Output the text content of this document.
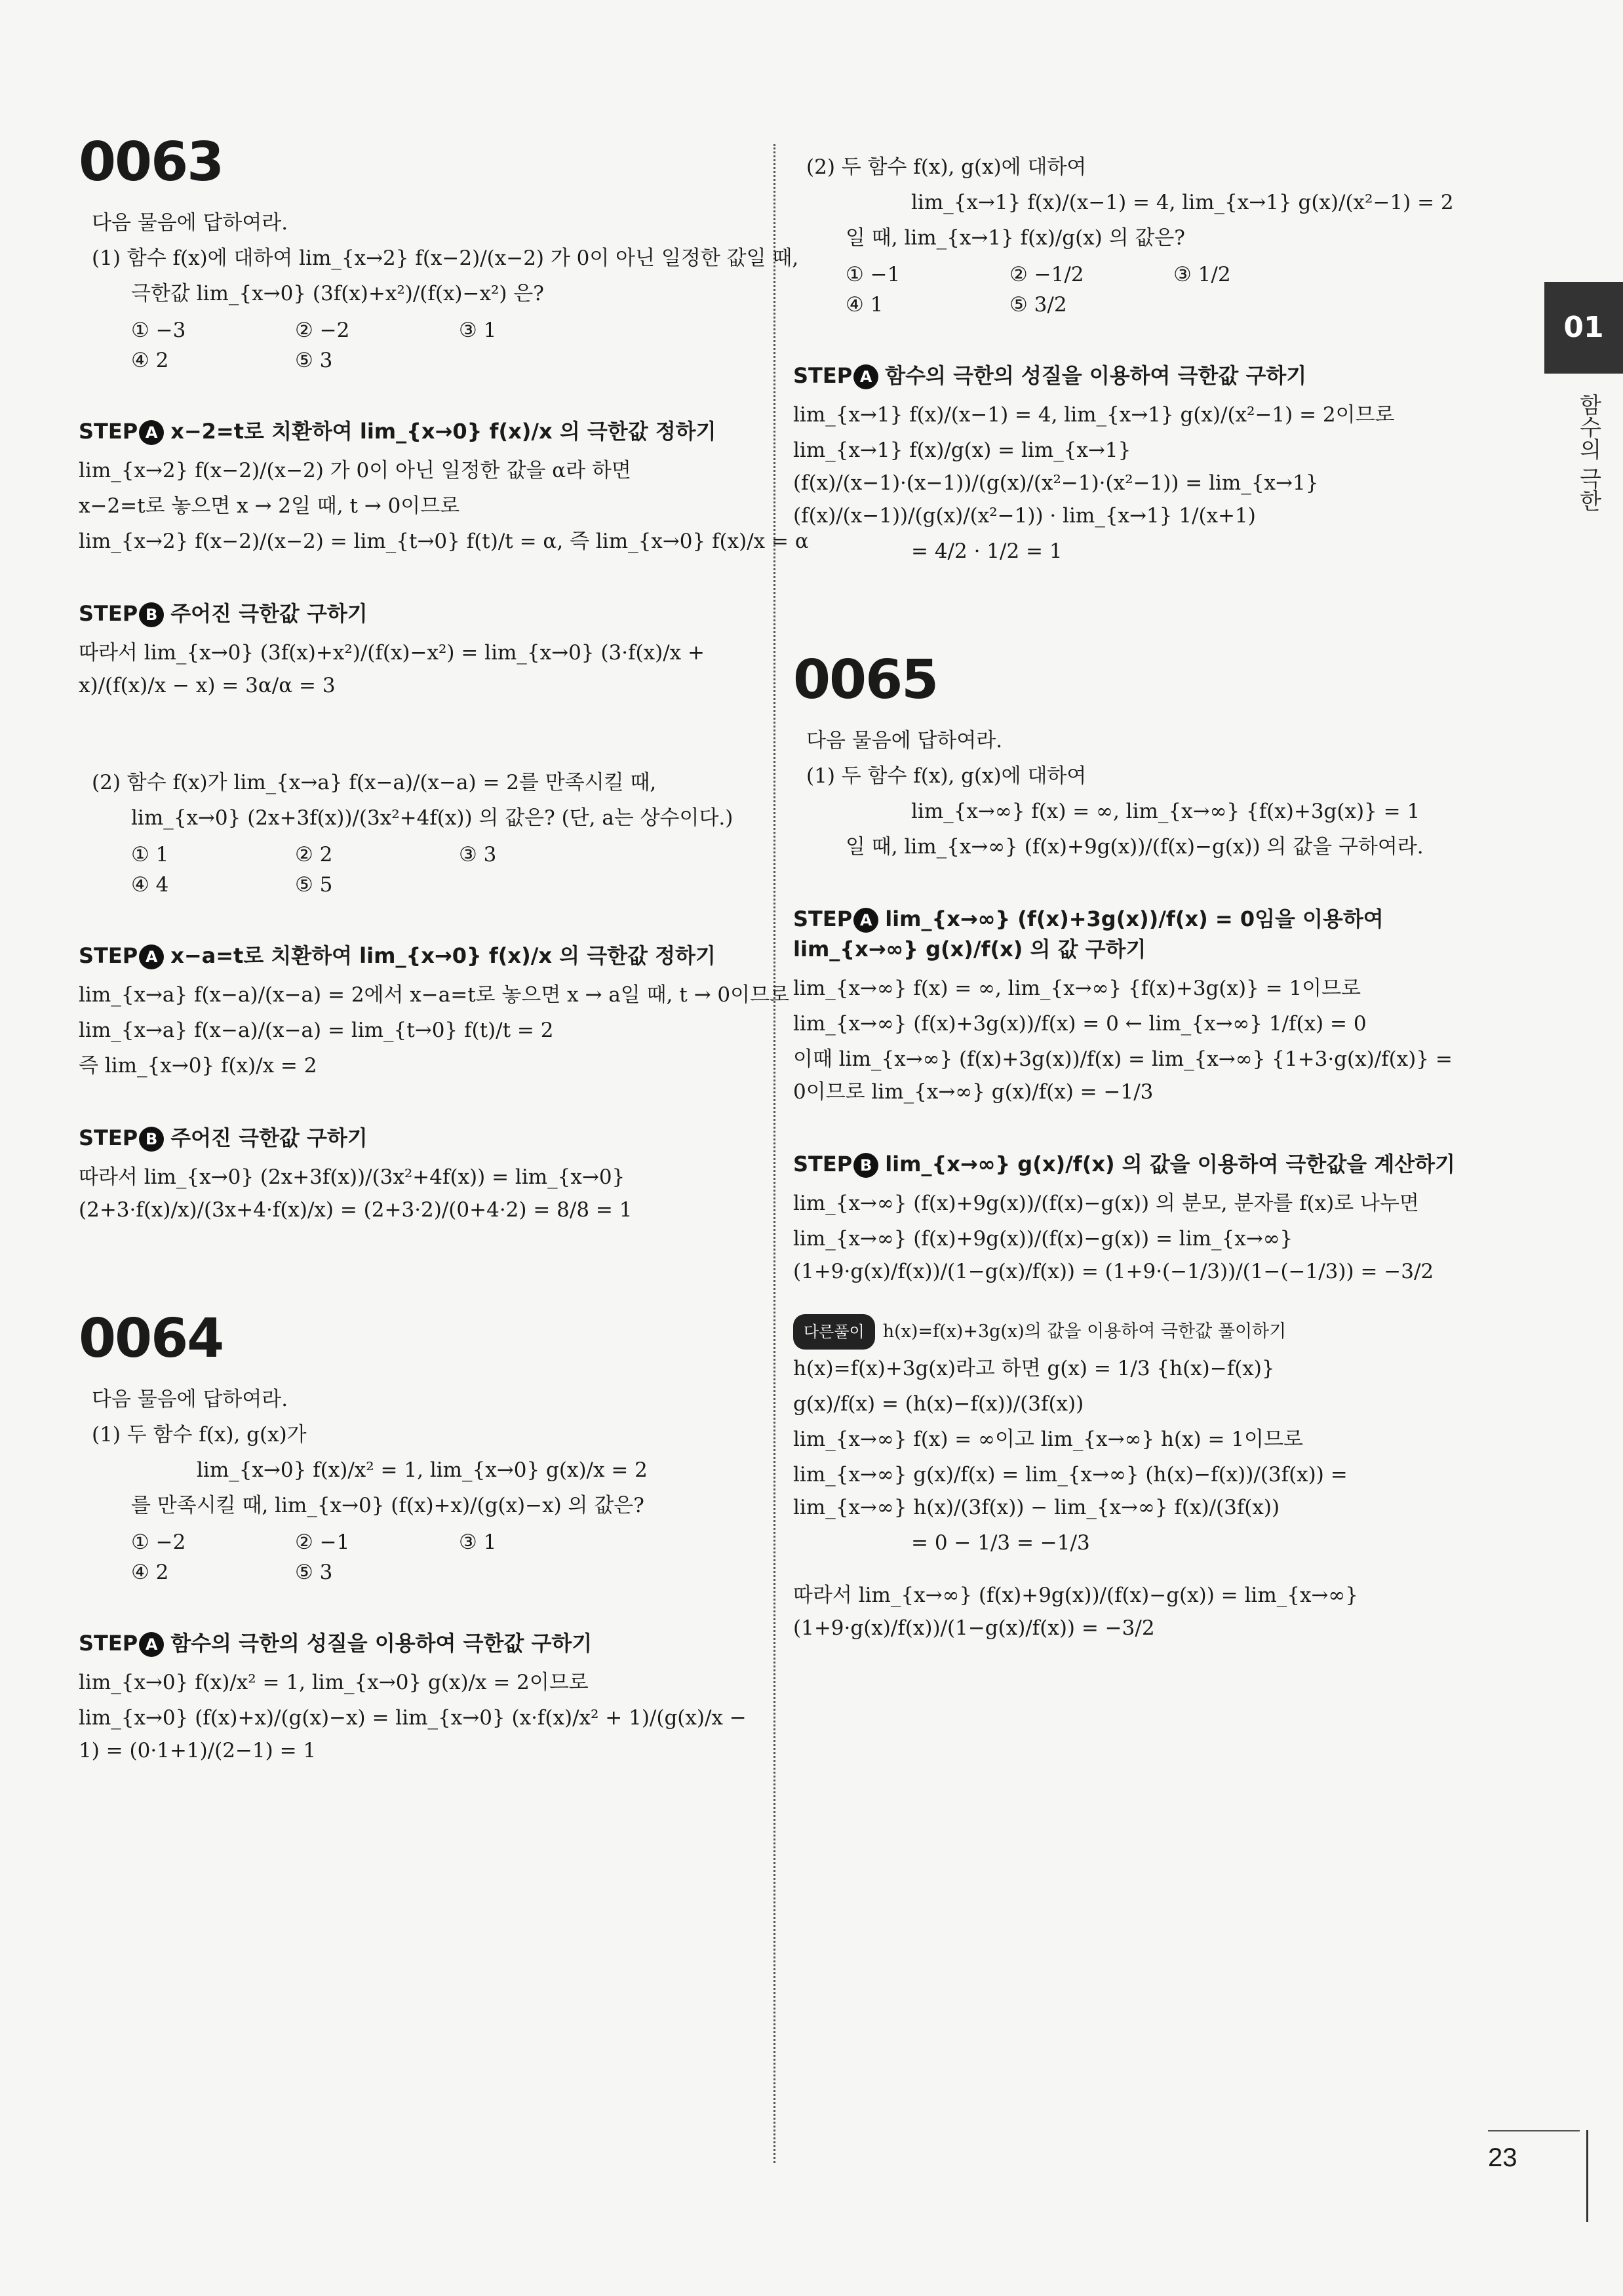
01
함수의 극한
0063
다음 물음에 답하여라.
(1) 함수 f(x)에 대하여 lim_{x→2} f(x−2)/(x−2) 가 0이 아닌 일정한 값일 때,
극한값 lim_{x→0} (3f(x)+x²)/(f(x)−x²) 은?
① −3	② −2	③ 1
④ 2	⑤ 3
STEP A x−2=t로 치환하여 lim_{x→0} f(x)/x 의 극한값 정하기
lim_{x→2} f(x−2)/(x−2) 가 0이 아닌 일정한 값을 α라 하면
x−2=t로 놓으면 x → 2일 때, t → 0이므로
lim_{x→2} f(x−2)/(x−2) = lim_{t→0} f(t)/t = α, 즉 lim_{x→0} f(x)/x = α
STEP B 주어진 극한값 구하기
따라서 lim_{x→0} (3f(x)+x²)/(f(x)−x²) = lim_{x→0} (3·f(x)/x + x)/(f(x)/x − x) = 3α/α = 3
(2) 함수 f(x)가 lim_{x→a} f(x−a)/(x−a) = 2를 만족시킬 때,
lim_{x→0} (2x+3f(x))/(3x²+4f(x)) 의 값은? (단, a는 상수이다.)
① 1	② 2	③ 3
④ 4	⑤ 5
STEP A x−a=t로 치환하여 lim_{x→0} f(x)/x 의 극한값 정하기
lim_{x→a} f(x−a)/(x−a) = 2에서 x−a=t로 놓으면 x → a일 때, t → 0이므로
lim_{x→a} f(x−a)/(x−a) = lim_{t→0} f(t)/t = 2
즉 lim_{x→0} f(x)/x = 2
STEP B 주어진 극한값 구하기
따라서 lim_{x→0} (2x+3f(x))/(3x²+4f(x)) = lim_{x→0} (2+3·f(x)/x)/(3x+4·f(x)/x) = (2+3·2)/(0+4·2) = 8/8 = 1
0064
다음 물음에 답하여라.
(1) 두 함수 f(x), g(x)가
lim_{x→0} f(x)/x² = 1, lim_{x→0} g(x)/x = 2
를 만족시킬 때, lim_{x→0} (f(x)+x)/(g(x)−x) 의 값은?
① −2	② −1	③ 1
④ 2	⑤ 3
STEP A 함수의 극한의 성질을 이용하여 극한값 구하기
lim_{x→0} f(x)/x² = 1, lim_{x→0} g(x)/x = 2이므로
lim_{x→0} (f(x)+x)/(g(x)−x) = lim_{x→0} (x·f(x)/x² + 1)/(g(x)/x − 1) = (0·1+1)/(2−1) = 1
(2) 두 함수 f(x), g(x)에 대하여
lim_{x→1} f(x)/(x−1) = 4, lim_{x→1} g(x)/(x²−1) = 2
일 때, lim_{x→1} f(x)/g(x) 의 값은?
① −1	② −1/2	③ 1/2
④ 1	⑤ 3/2
STEP A 함수의 극한의 성질을 이용하여 극한값 구하기
lim_{x→1} f(x)/(x−1) = 4, lim_{x→1} g(x)/(x²−1) = 2이므로
lim_{x→1} f(x)/g(x) = lim_{x→1} (f(x)/(x−1)·(x−1))/(g(x)/(x²−1)·(x²−1)) = lim_{x→1} (f(x)/(x−1))/(g(x)/(x²−1)) · lim_{x→1} 1/(x+1)
= 4/2 · 1/2 = 1
0065
다음 물음에 답하여라.
(1) 두 함수 f(x), g(x)에 대하여
lim_{x→∞} f(x) = ∞, lim_{x→∞} {f(x)+3g(x)} = 1
일 때, lim_{x→∞} (f(x)+9g(x))/(f(x)−g(x)) 의 값을 구하여라.
STEP A lim_{x→∞} (f(x)+3g(x))/f(x) = 0임을 이용하여 lim_{x→∞} g(x)/f(x) 의 값 구하기
lim_{x→∞} f(x) = ∞, lim_{x→∞} {f(x)+3g(x)} = 1이므로
lim_{x→∞} (f(x)+3g(x))/f(x) = 0 ← lim_{x→∞} 1/f(x) = 0
이때 lim_{x→∞} (f(x)+3g(x))/f(x) = lim_{x→∞} {1+3·g(x)/f(x)} = 0이므로 lim_{x→∞} g(x)/f(x) = −1/3
STEP B lim_{x→∞} g(x)/f(x) 의 값을 이용하여 극한값을 계산하기
lim_{x→∞} (f(x)+9g(x))/(f(x)−g(x)) 의 분모, 분자를 f(x)로 나누면
lim_{x→∞} (f(x)+9g(x))/(f(x)−g(x)) = lim_{x→∞} (1+9·g(x)/f(x))/(1−g(x)/f(x)) = (1+9·(−1/3))/(1−(−1/3)) = −3/2
다른풀이 h(x)=f(x)+3g(x)의 값을 이용하여 극한값 풀이하기
h(x)=f(x)+3g(x)라고 하면 g(x) = 1/3 {h(x)−f(x)}
g(x)/f(x) = (h(x)−f(x))/(3f(x))
lim_{x→∞} f(x) = ∞이고 lim_{x→∞} h(x) = 1이므로
lim_{x→∞} g(x)/f(x) = lim_{x→∞} (h(x)−f(x))/(3f(x)) = lim_{x→∞} h(x)/(3f(x)) − lim_{x→∞} f(x)/(3f(x))
= 0 − 1/3 = −1/3
따라서 lim_{x→∞} (f(x)+9g(x))/(f(x)−g(x)) = lim_{x→∞} (1+9·g(x)/f(x))/(1−g(x)/f(x)) = −3/2
23
